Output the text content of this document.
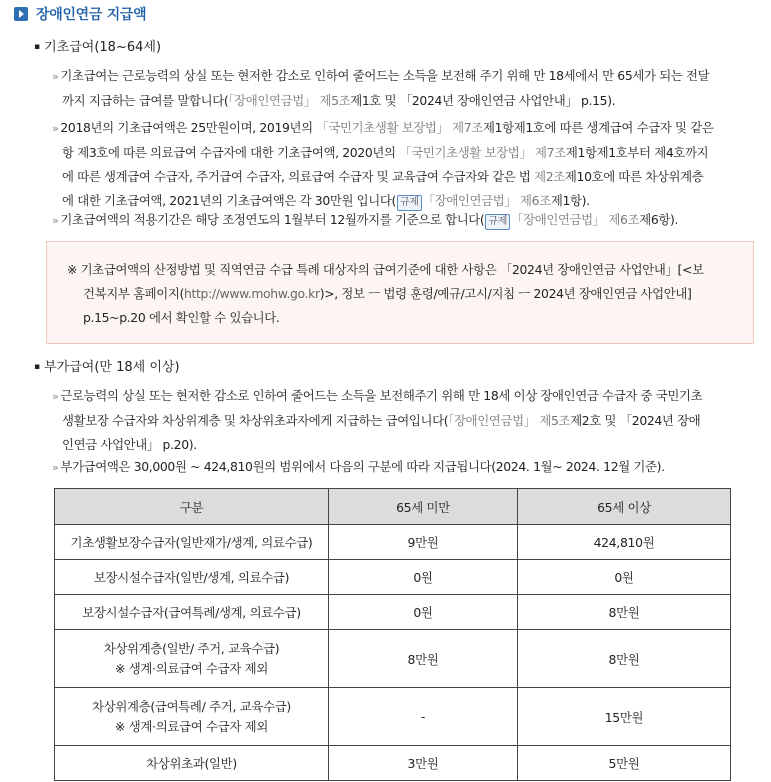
장애인연금 지급액
▪ 기초급여(18~64세)
» 기초급여는 근로능력의 상실 또는 현저한 감소로 인하여 줄어드는 소득을 보전해 주기 위해 만 18세에서 만 65세가 되는 전달
까지 지급하는 급여를 말합니다(「장애인연금법」 제5조제1호 및 「2024년 장애인연금 사업안내」 p.15).
» 2018년의 기초급여액은 25만원이며, 2019년의 「국민기초생활 보장법」 제7조제1항제1호에 따른 생계급여 수급자 및 같은
항 제3호에 따른 의료급여 수급자에 대한 기초급여액, 2020년의 「국민기초생활 보장법」 제7조제1항제1호부터 제4호까지
에 따른 생계급여 수급자, 주거급여 수급자, 의료급여 수급자 및 교육급여 수급자와 같은 법 제2조제10호에 따른 차상위계층
에 대한 기초급여액, 2021년의 기초급여액은 각 30만원 입니다( 규제 「장애인연금법」 제6조제1항).
» 기초급여액의 적용기간은 해당 조정연도의 1월부터 12월까지를 기준으로 합니다( 규제 「장애인연금법」 제6조제6항).
※ 기초급여액의 산정방법 및 직역연금 수급 특례 대상자의 급여기준에 대한 사항은 「2024년 장애인연금 사업안내」[<보
건복지부 홈페이지(http://www.mohw.go.kr)>, 정보 ㅡ 법령 훈령/예규/고시/지침 ㅡ 2024년 장애인연금 사업안내]
p.15~p.20 에서 확인할 수 있습니다.
▪ 부가급여(만 18세 이상)
» 근로능력의 상실 또는 현저한 감소로 인하여 줄어드는 소득을 보전해주기 위해 만 18세 이상 장애인연금 수급자 중 국민기초
생활보장 수급자와 차상위계층 및 차상위초과자에게 지급하는 급여입니다(「장애인연금법」 제5조제2호 및 「2024년 장애
인연금 사업안내」 p.20).
» 부가급여액은 30,000원 ~ 424,810원의 범위에서 다음의 구분에 따라 지급됩니다(2024. 1월~ 2024. 12월 기준).
구분	65세 미만	65세 이상
기초생활보장수급자(일반재가/생계, 의료수급)	9만원	424,810원
보장시설수급자(일반/생계, 의료수급)	0원	0원
보장시설수급자(급여특례/생계, 의료수급)	0원	8만원
차상위계층(일반/ 주거, 교육수급)
※ 생계·의료급여 수급자 제외	8만원	8만원
차상위계층(급여특례/ 주거, 교육수급)
※ 생계·의료급여 수급자 제외	-	15만원
차상위초과(일반)	3만원	5만원
